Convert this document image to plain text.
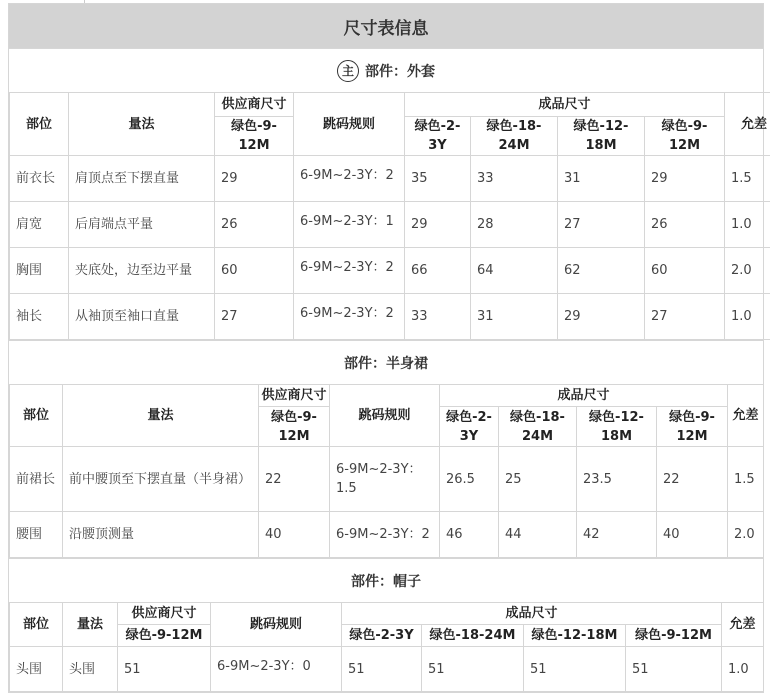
尺寸表信息
主 部件：外套
部位	量法	供应商尺寸	跳码规则	成品尺寸				允差
		绿色-9-12M		绿色-2-3Y	绿色-18-24M	绿色-12-18M	绿色-9-12M	
前衣长	肩顶点至下摆直量	29	6-9M~2-3Y：2	35	33	31	29	1.5
肩宽	后肩端点平量	26	6-9M~2-3Y：1	29	28	27	26	1.0
胸围	夹底处，边至边平量	60	6-9M~2-3Y：2	66	64	62	60	2.0
袖长	从袖顶至袖口直量	27	6-9M~2-3Y：2	33	31	29	27	1.0
部件：半身裙
部位	量法	供应商尺寸	跳码规则	成品尺寸				允差
		绿色-9-12M		绿色-2-3Y	绿色-18-24M	绿色-12-18M	绿色-9-12M	
前裙长	前中腰顶至下摆直量（半身裙）	22	6-9M~2-3Y：1.5	26.5	25	23.5	22	1.5
腰围	沿腰顶测量	40	6-9M~2-3Y：2	46	44	42	40	2.0
部件：帽子
部位	量法	供应商尺寸	跳码规则	成品尺寸				允差
		绿色-9-12M		绿色-2-3Y	绿色-18-24M	绿色-12-18M	绿色-9-12M	
头围	头围	51	6-9M~2-3Y：0	51	51	51	51	1.0
